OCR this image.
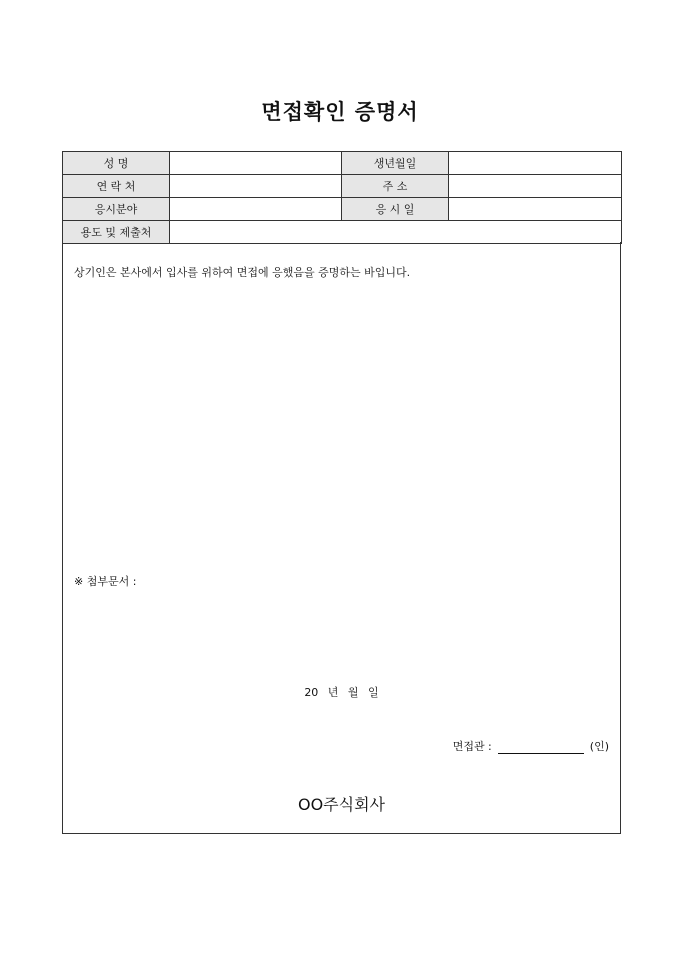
면접확인 증명서
성 명		생년월일	
연 락 처		주 소	
응시분야		응 시 일	
용도 및 제출처			
상기인은 본사에서 입사를 위하여 면접에 응했음을 증명하는 바입니다.
※ 첨부문서 :
20 년 월 일
면접관 :	(인)
OO주식회사
